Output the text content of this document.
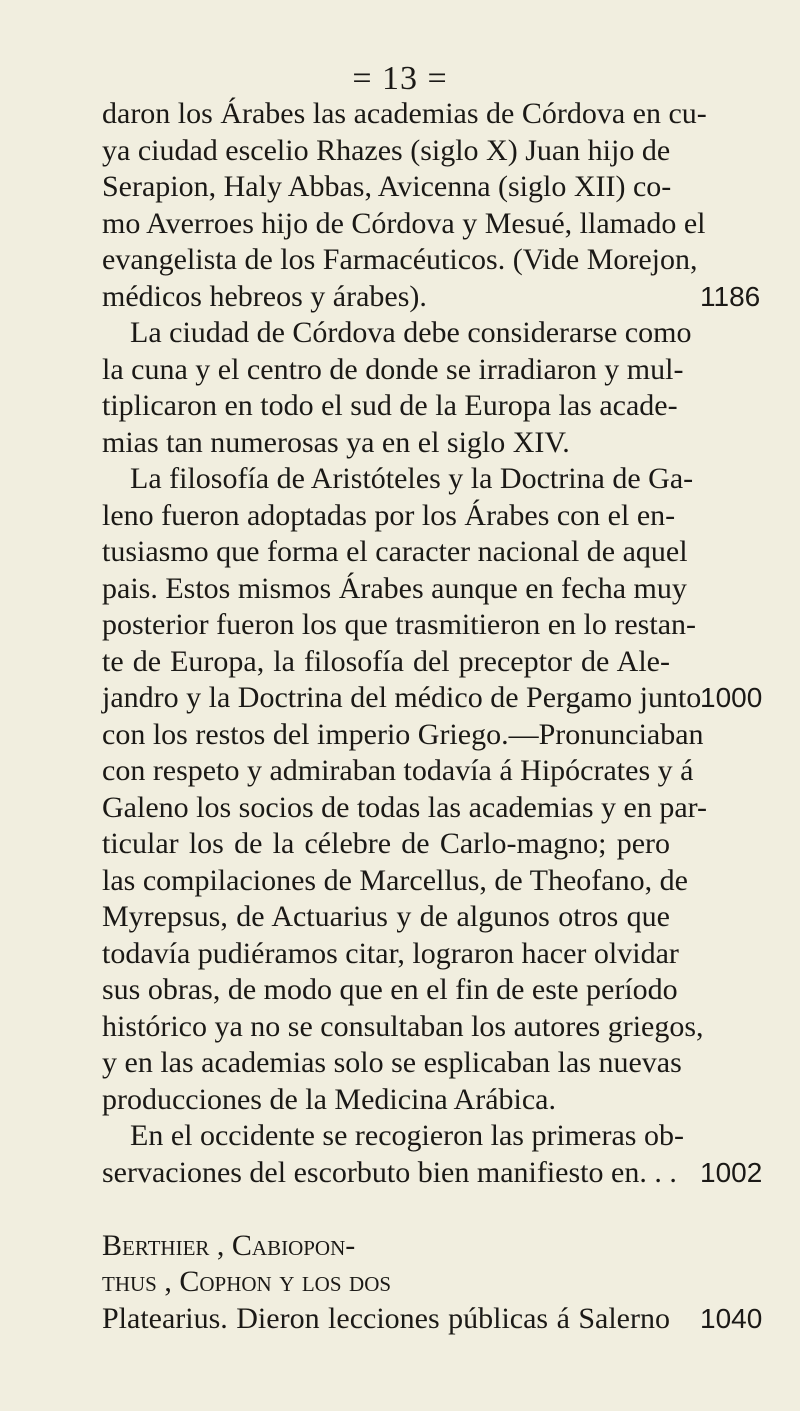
= 13 =
daron los Árabes las academias de Córdova en cu-
ya ciudad escelio Rhazes (siglo X) Juan hijo de
Serapion, Haly Abbas, Avicenna (siglo XII) co-
mo Averroes hijo de Córdova y Mesué, llamado el
evangelista de los Farmacéuticos. (Vide Morejon,
médicos hebreos y árabes).	1186
La ciudad de Córdova debe considerarse como
la cuna y el centro de donde se irradiaron y mul-
tiplicaron en todo el sud de la Europa las acade-
mias tan numerosas ya en el siglo XIV.
La filosofía de Aristóteles y la Doctrina de Ga-
leno fueron adoptadas por los Árabes con el en-
tusiasmo que forma el caracter nacional de aquel
pais. Estos mismos Árabes aunque en fecha muy
posterior fueron los que trasmitieron en lo restan-
te de Europa, la filosofía del preceptor de Ale-
jandro y la Doctrina del médico de Pergamo junto
1000
con los restos del imperio Griego.—Pronunciaban
con respeto y admiraban todavía á Hipócrates y á
Galeno los socios de todas las academias y en par-
ticular los de la célebre de Carlo-magno; pero
las compilaciones de Marcellus, de Theofano, de
Myrepsus, de Actuarius y de algunos otros que
todavía pudiéramos citar, lograron hacer olvidar
sus obras, de modo que en el fin de este período
histórico ya no se consultaban los autores griegos,
y en las academias solo se esplicaban las nuevas
producciones de la Medicina Arábica.
En el occidente se recogieron las primeras ob-
servaciones del escorbuto bien manifiesto en. . . 1002
Berthier , Cabiopon-
thus , Cophon y los dos
Platearius. Dieron lecciones públicas á Salerno 1040
